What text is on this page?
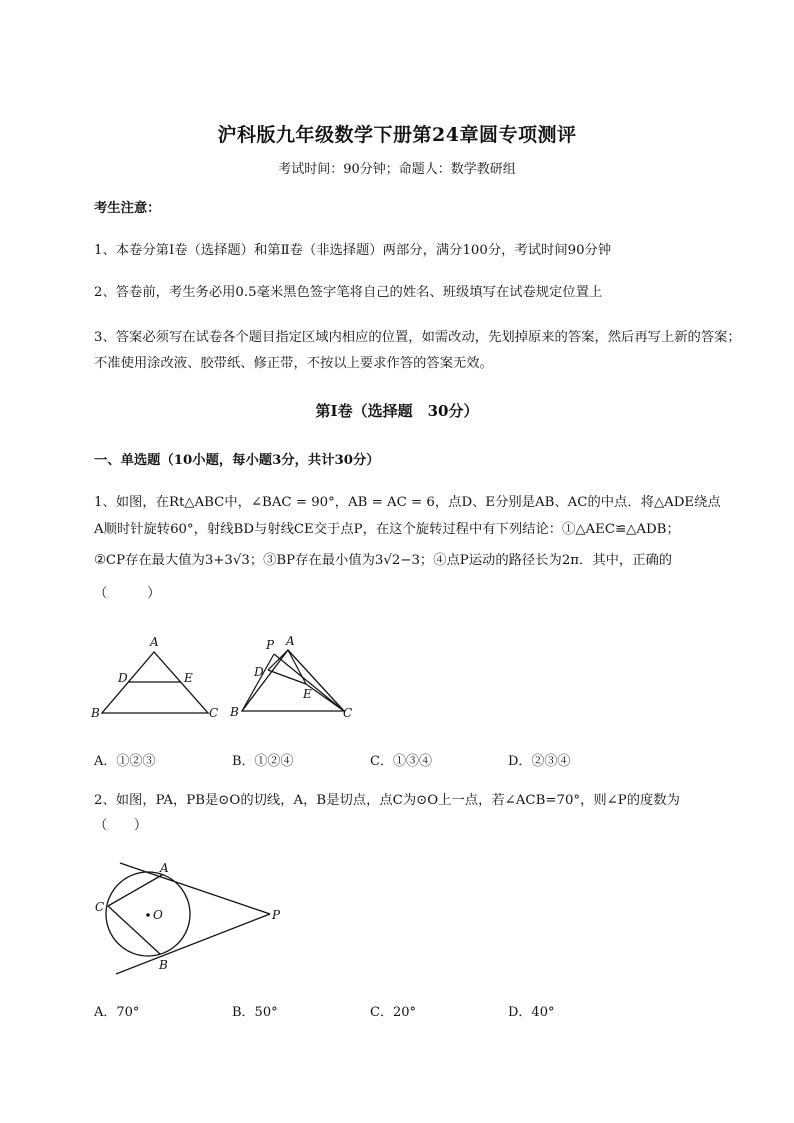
沪科版九年级数学下册第24章圆专项测评
考试时间：90分钟；命题人：数学教研组
考生注意：
1、本卷分第Ⅰ卷（选择题）和第Ⅱ卷（非选择题）两部分，满分100分，考试时间90分钟
2、答卷前，考生务必用0.5毫米黑色签字笔将自己的姓名、班级填写在试卷规定位置上
3、答案必须写在试卷各个题目指定区域内相应的位置，如需改动，先划掉原来的答案，然后再写上新的答案；不准使用涂改液、胶带纸、修正带，不按以上要求作答的答案无效。
第Ⅰ卷（选择题　30分）
一、单选题（10小题，每小题3分，共计30分）
1、如图，在Rt△ABC中，∠BAC = 90°，AB = AC = 6，点D、E分别是AB、AC的中点．将△ADE绕点
A顺时针旋转60°，射线BD与射线CE交于点P，在这个旋转过程中有下列结论：①△AEC≌△ADB；
②CP存在最大值为3+3√3；③BP存在最小值为3√2−3；④点P运动的路径长为2π．其中，正确的
（　　　）
A
D	E
B	C
P A
D
E
B	C
A．①②③	B．①②④	C．①③④	D．②③④
2、如图，PA，PB是⊙O的切线，A，B是切点，点C为⊙O上一点，若∠ACB=70°，则∠P的度数为
（　　）
A
C
O	P
B
A．70°	B．50°	C．20°	D．40°
